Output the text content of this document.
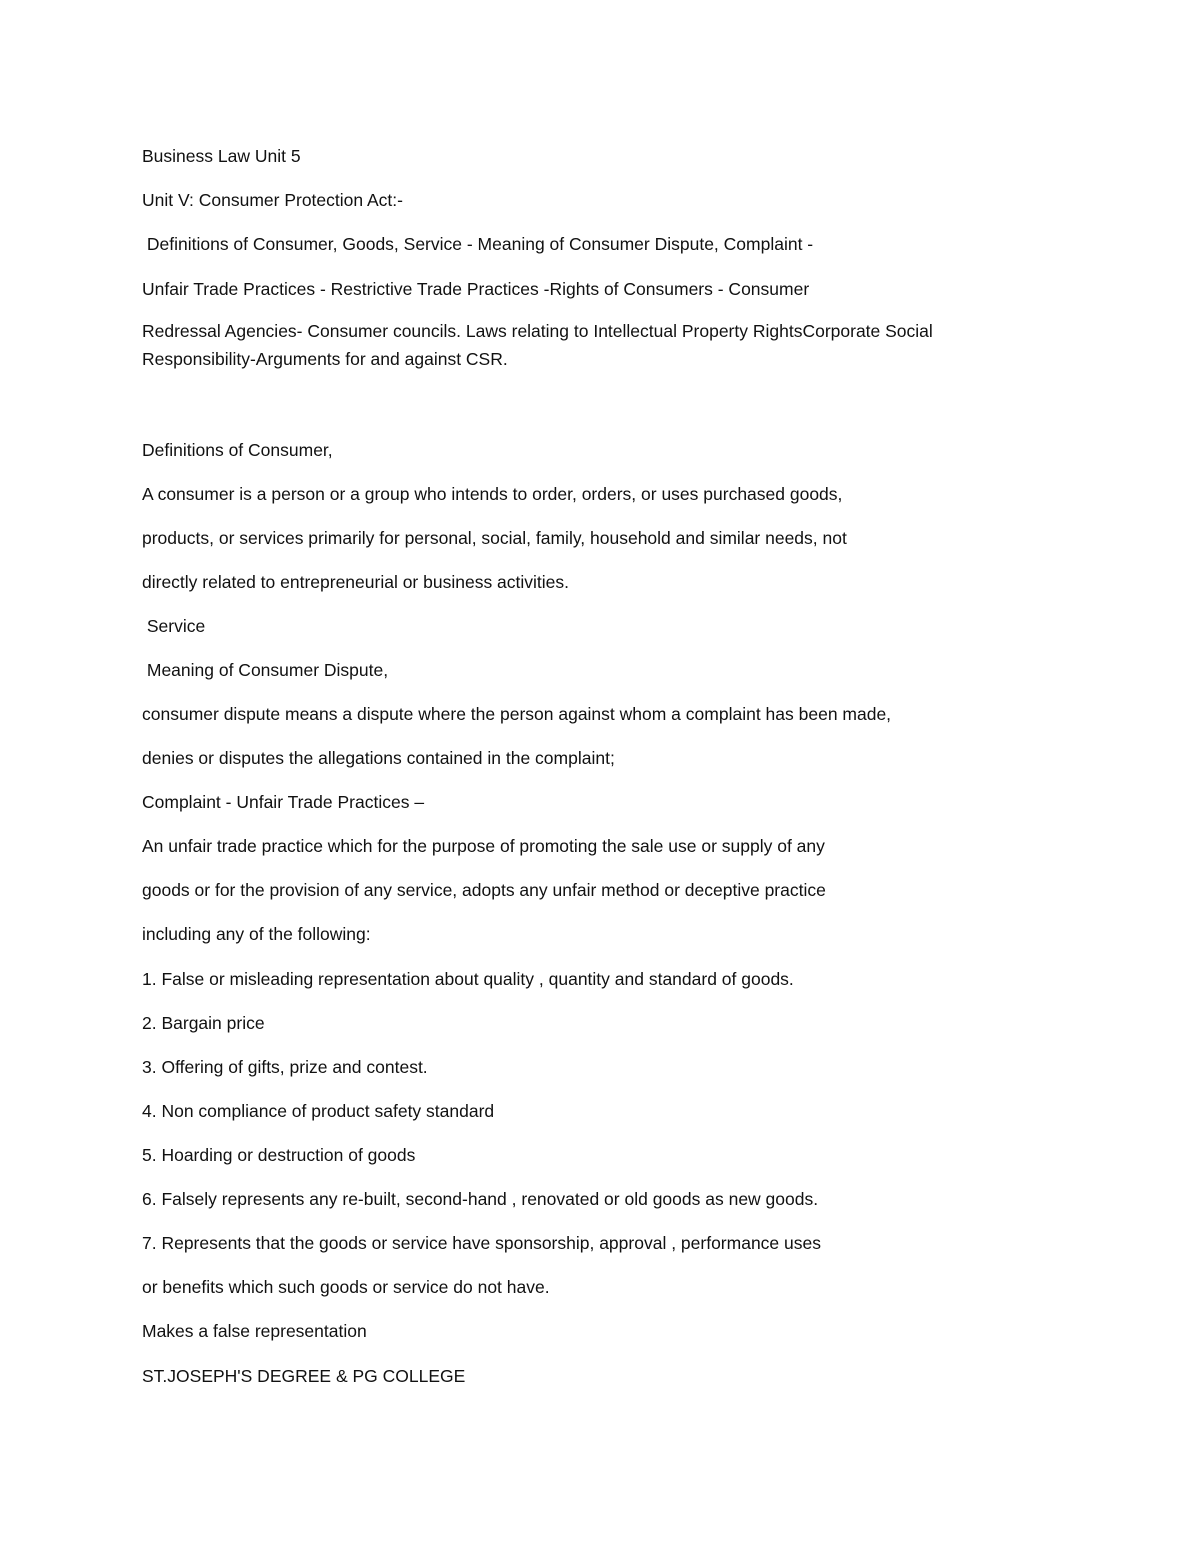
Business Law Unit 5

Unit V: Consumer Protection Act:-

Definitions of Consumer, Goods, Service - Meaning of Consumer Dispute, Complaint -

Unfair Trade Practices - Restrictive Trade Practices -Rights of Consumers - Consumer

Redressal Agencies- Consumer councils. Laws relating to Intellectual Property RightsCorporate Social Responsibility-Arguments for and against CSR.

Definitions of Consumer,

A consumer is a person or a group who intends to order, orders, or uses purchased goods,

products, or services primarily for personal, social, family, household and similar needs, not

directly related to entrepreneurial or business activities.

Service

Meaning of Consumer Dispute,

consumer dispute means a dispute where the person against whom a complaint has been made,

denies or disputes the allegations contained in the complaint;

Complaint - Unfair Trade Practices –

An unfair trade practice which for the purpose of promoting the sale use or supply of any

goods or for the provision of any service, adopts any unfair method or deceptive practice

including any of the following:

1. False or misleading representation about quality , quantity and standard of goods.

2. Bargain price

3. Offering of gifts, prize and contest.

4. Non compliance of product safety standard

5. Hoarding or destruction of goods

6. Falsely represents any re-built, second-hand , renovated or old goods as new goods.

7. Represents that the goods or service have sponsorship, approval , performance uses

or benefits which such goods or service do not have.

Makes a false representation

ST.JOSEPH'S DEGREE & PG COLLEGE
